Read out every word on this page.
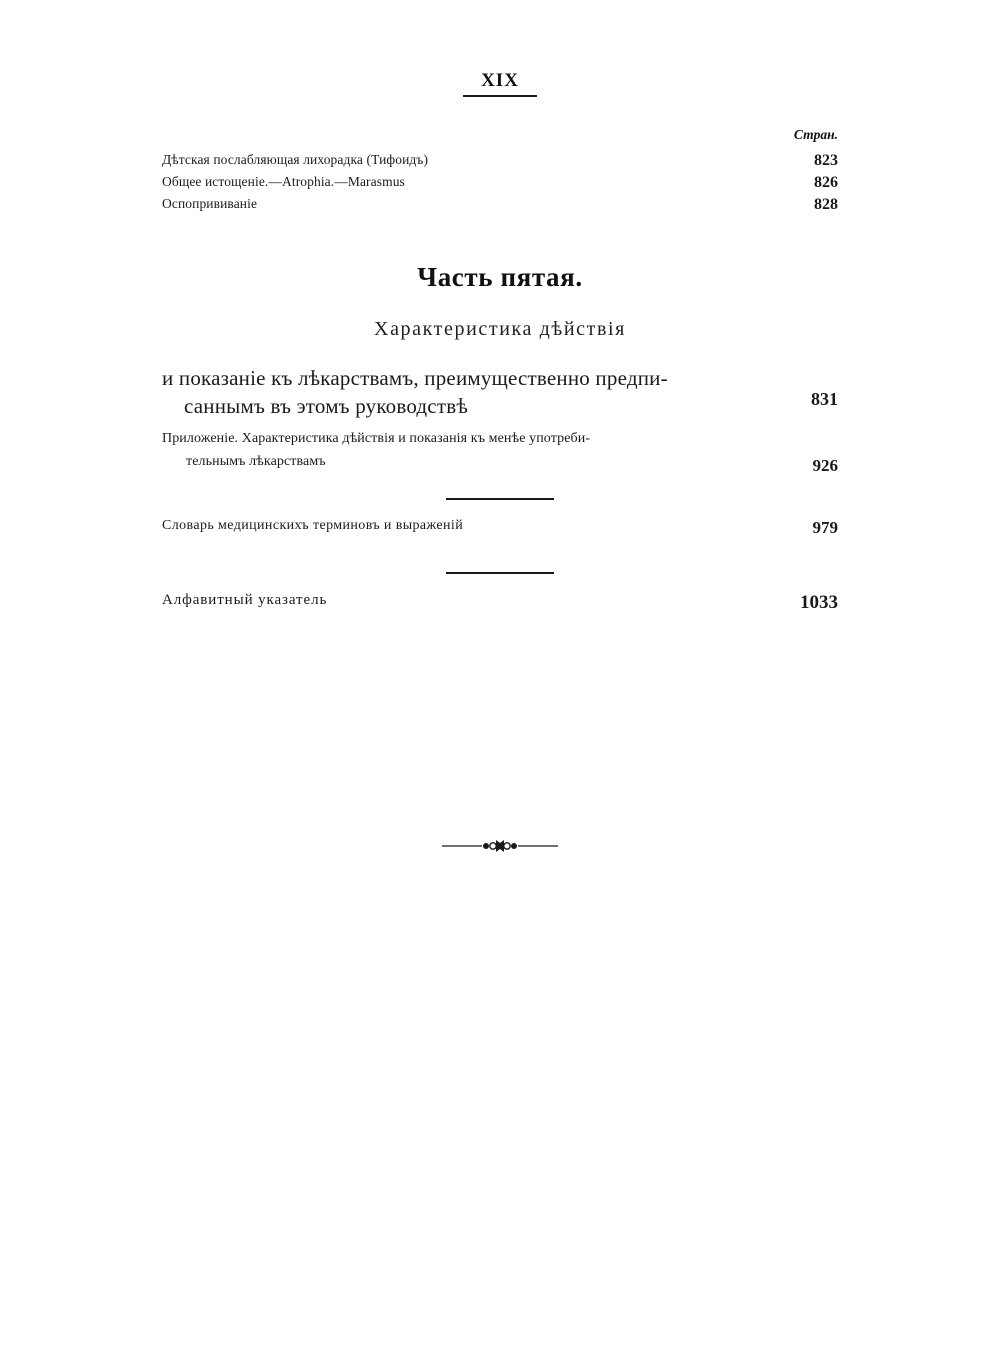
XIX
Стран.
Дѣтская послабляющая лихорадка (Тифоидъ)	823
Общее истощеніе.—Atrophia.—Marasmus	826
Оспопрививаніе	828
Часть пятая.
Характеристика дѣйствія
и показаніе къ лѣкарствамъ, преимущественно предпи-
саннымъ въ этомъ руководствѣ	831
Приложеніе. Характеристика дѣйствія и показанія къ менѣе употреби-
тельнымъ лѣкарствамъ	926
Словарь медицинскихъ терминовъ и выраженій	979
Алфавитный указатель	1033
